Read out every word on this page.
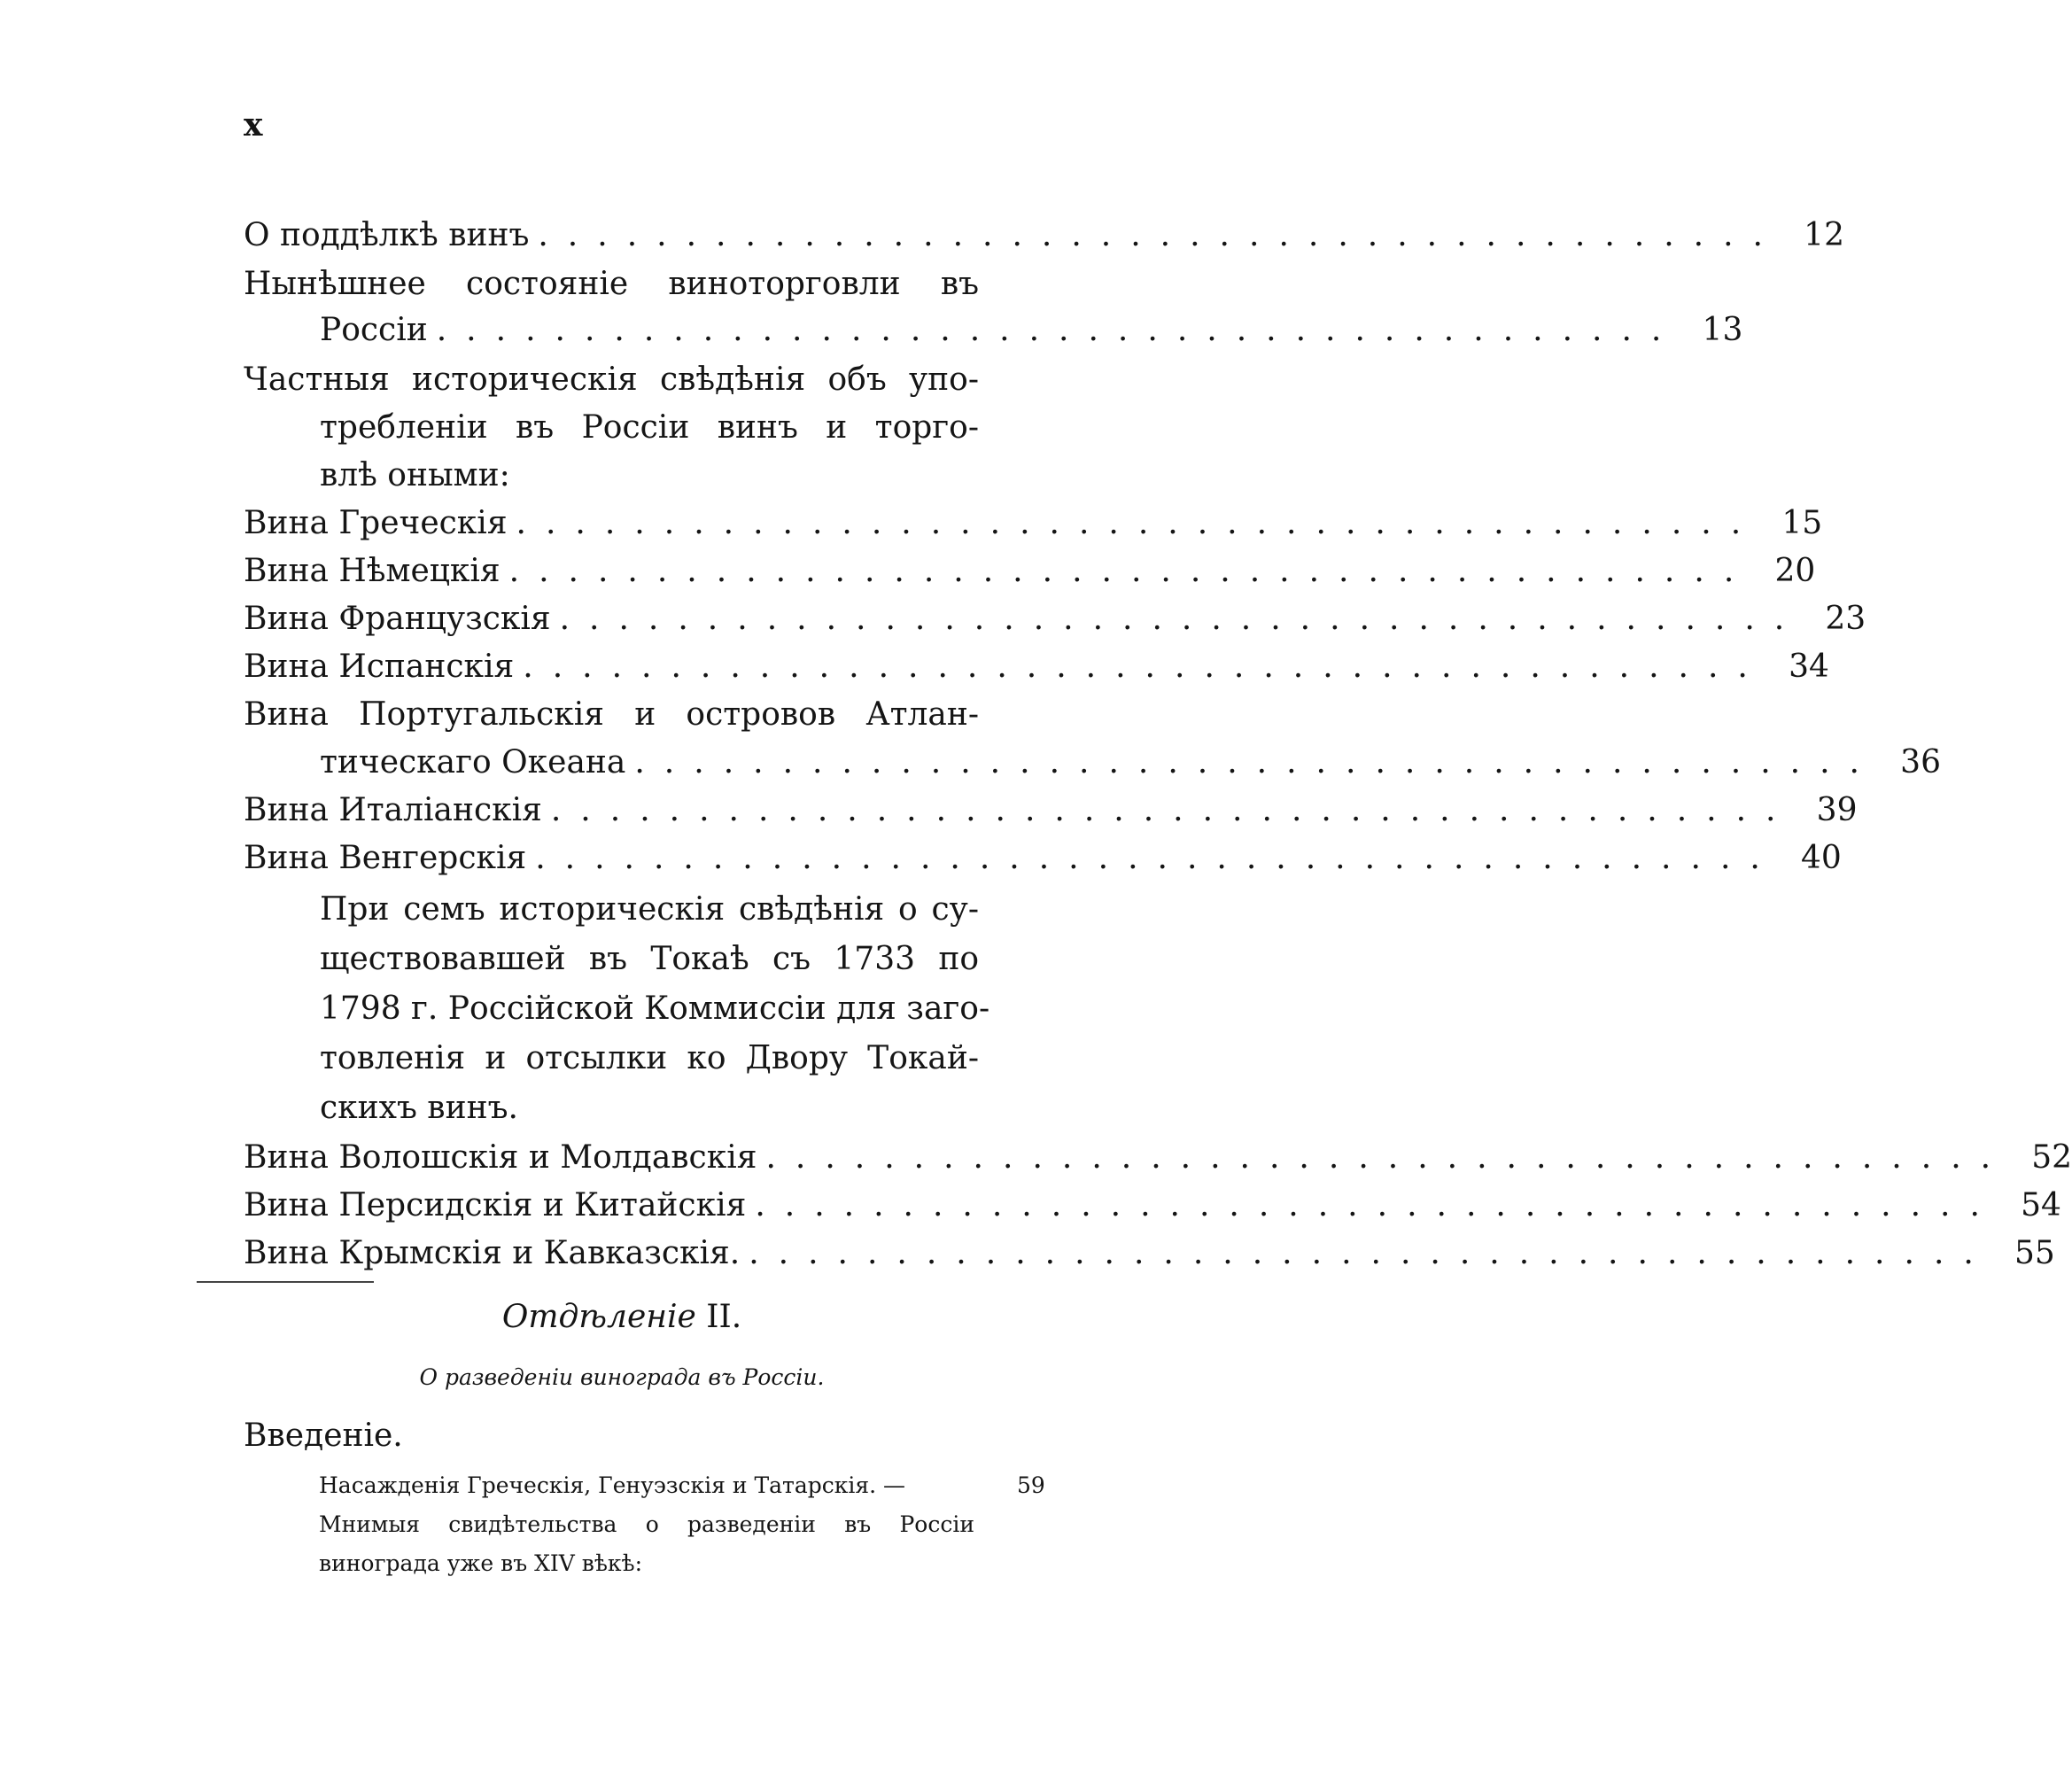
x
О поддѣлкѣ винъ .......................................... 12
Нынѣшнее состояніе виноторговли въ
Россіи .......................................... 13
Частныя историческія свѣдѣнія объ упо-
требленіи въ Россіи винъ и торго-
влѣ оными:
Вина Греческія .......................................... 15
Вина Нѣмецкія .......................................... 20
Вина Французскія .......................................... 23
Вина Испанскія .......................................... 34
Вина Португальскія и островов Атлан-
тическаго Океана .......................................... 36
Вина Италіанскія .......................................... 39
Вина Венгерскія .......................................... 40
При семъ историческія свѣдѣнія о су-
ществовавшей въ Токаѣ съ 1733 по
1798 г. Россійской Коммиссіи для заго-
товленія и отсылки ко Двору Токай-
скихъ винъ.
Вина Волошскія и Молдавскія .......................................... 52
Вина Персидскія и Китайскія .......................................... 54
Вина Крымскія и Кавказскія. .......................................... 55
Отдѣленіе II.
О разведеніи винограда въ Россіи.
Введеніе.
Насажденія Греческія, Генуэзскія и Татарскія. —	59
Мнимыя свидѣтельства о разведеніи въ Россіи
винограда уже въ XIV вѣкѣ:
